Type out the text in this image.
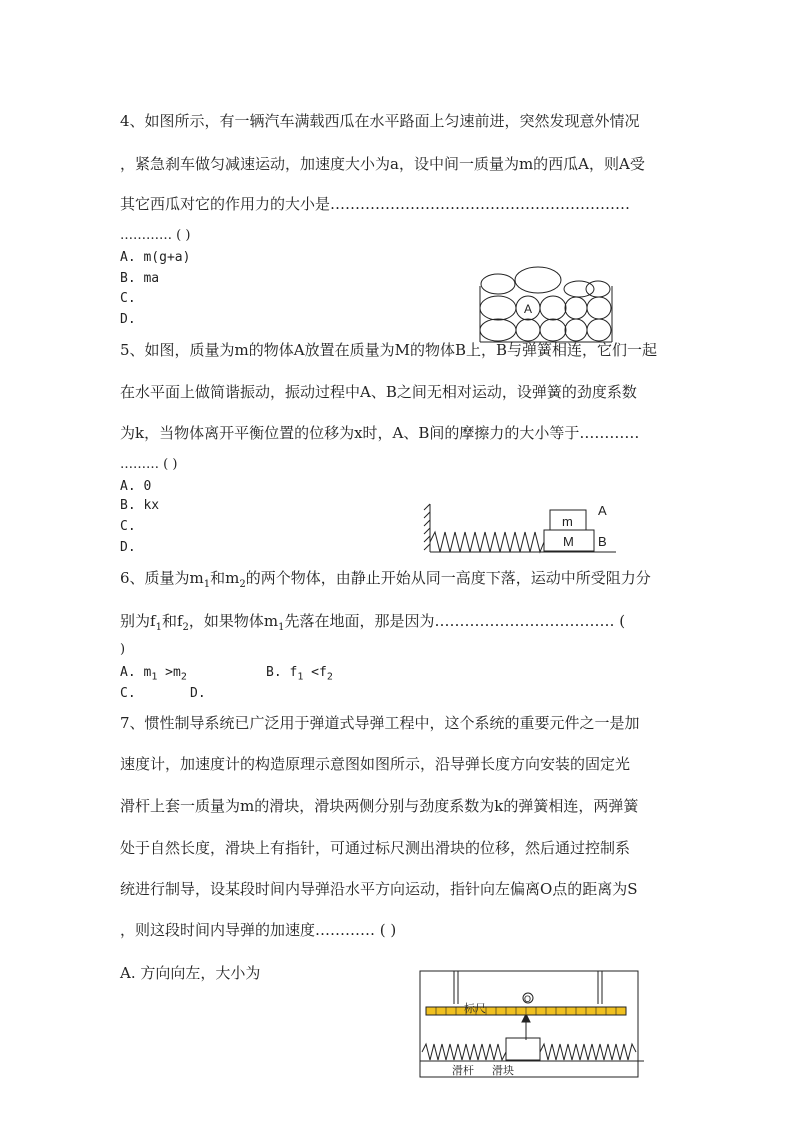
4、如图所示，有一辆汽车满载西瓜在水平路面上匀速前进，突然发现意外情况
，紧急刹车做匀减速运动，加速度大小为a，设中间一质量为m的西瓜A，则A受
其它西瓜对它的作用力的大小是……………………………………………………
………… ( )
A. m(g+a)
B. ma
C.
D.
A
5、如图，质量为m的物体A放置在质量为M的物体B上，B与弹簧相连，它们一起
在水平面上做简谐振动，振动过程中A、B之间无相对运动，设弹簧的劲度系数
为k，当物体离开平衡位置的位移为x时，A、B间的摩擦力的大小等于…………
……… ( )
A. 0
B. kx
C.
D.
m
M
A
B
6、质量为$m_1$和$m_2$的两个物体，由静止开始从同一高度下落，运动中所受阻力分
别为$f_1$和$f_2$，如果物体$m_1$先落在地面，那是因为……………………………… (
)
A. $m_1 >m_2$	B. $f_1 <f_2$
C.	D.
7、惯性制导系统已广泛用于弹道式导弹工程中，这个系统的重要元件之一是加
速度计，加速度计的构造原理示意图如图所示，沿导弹长度方向安装的固定光
滑杆上套一质量为m的滑块，滑块两侧分别与劲度系数为k的弹簧相连，两弹簧
处于自然长度，滑块上有指针，可通过标尺测出滑块的位移，然后通过控制系
统进行制导，设某段时间内导弹沿水平方向运动，指针向左偏离O点的距离为S
，则这段时间内导弹的加速度………… ( )
A. 方向向左，大小为
O
标尺
滑杆 滑块
